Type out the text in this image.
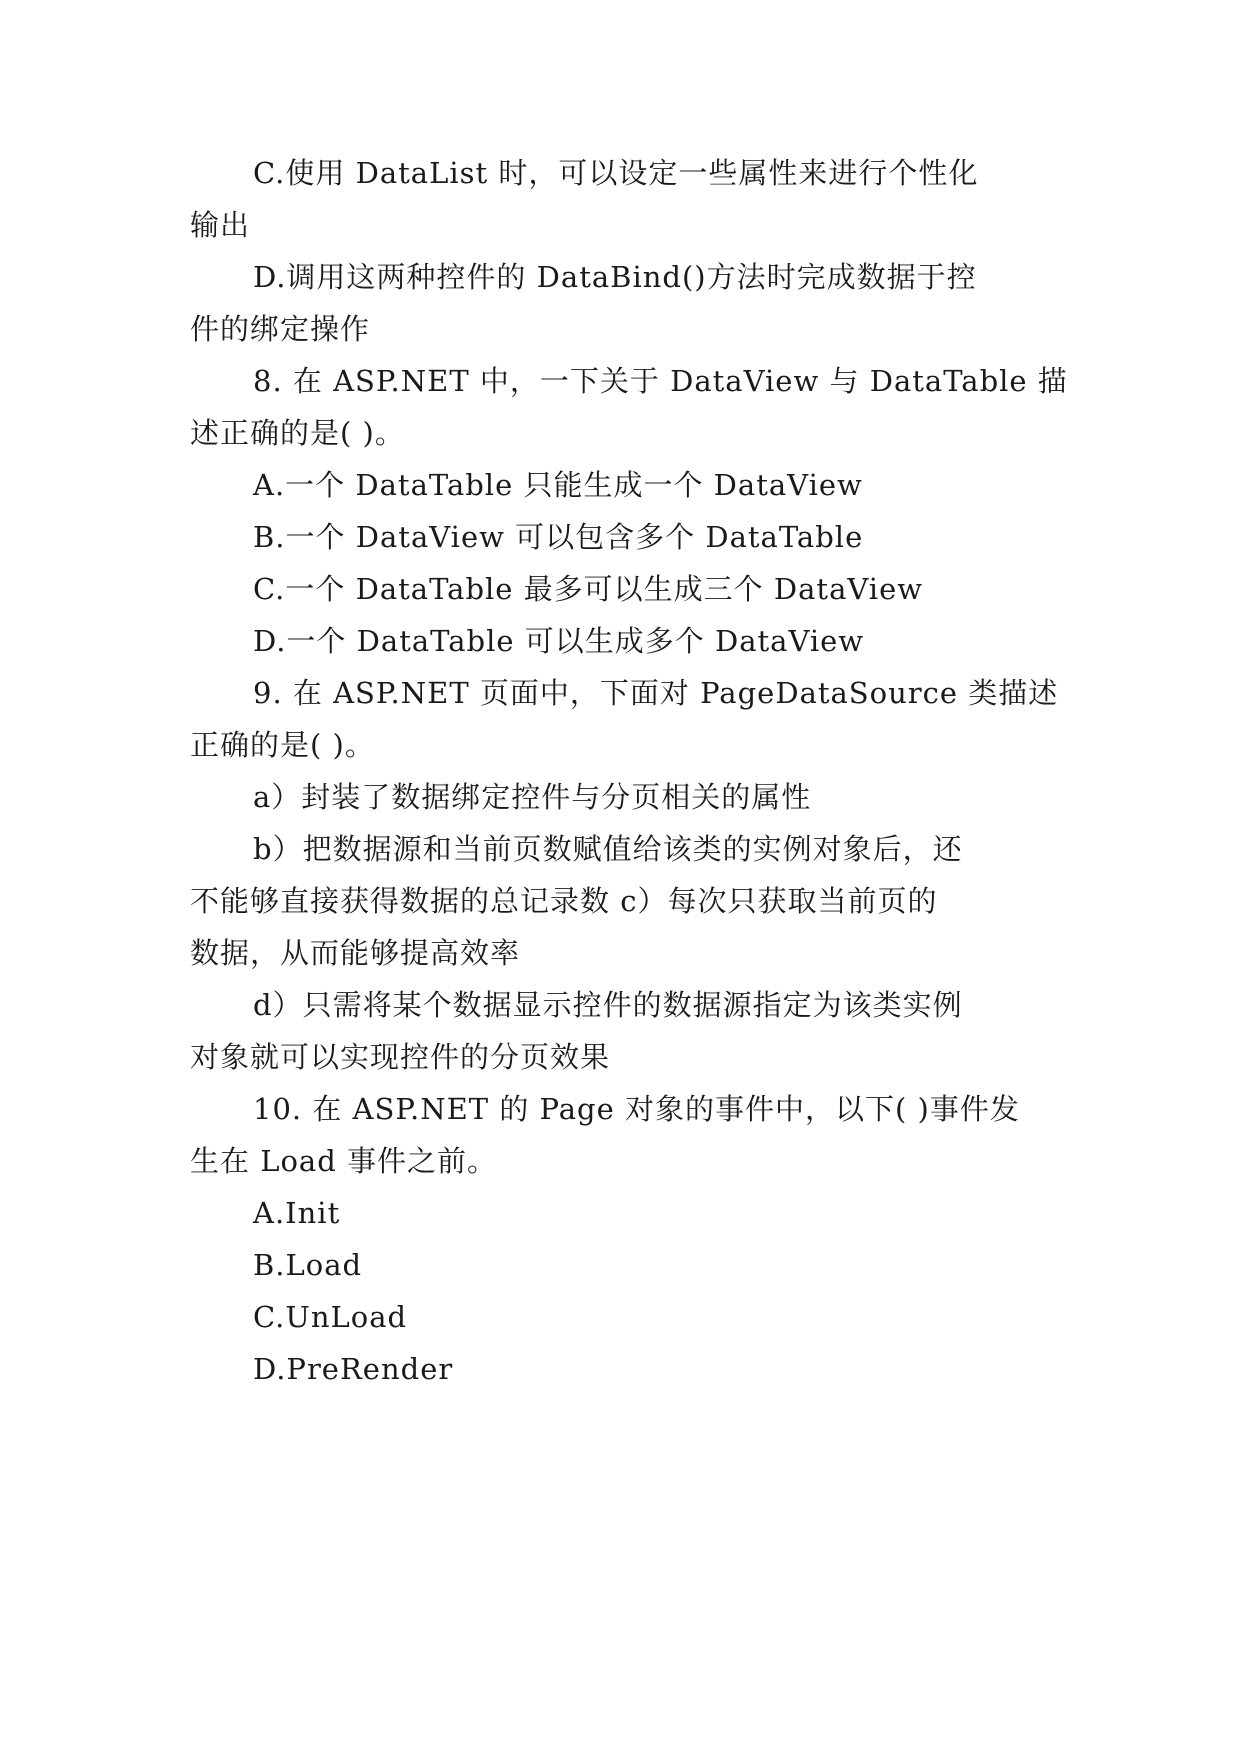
C.使用 DataList 时，可以设定一些属性来进行个性化
输出
D.调用这两种控件的 DataBind()方法时完成数据于控
件的绑定操作
8. 在 ASP.NET 中，一下关于 DataView 与 DataTable 描
述正确的是( )。
A.一个 DataTable 只能生成一个 DataView
B.一个 DataView 可以包含多个 DataTable
C.一个 DataTable 最多可以生成三个 DataView
D.一个 DataTable 可以生成多个 DataView
9. 在 ASP.NET 页面中，下面对 PageDataSource 类描述
正确的是( )。
a）封装了数据绑定控件与分页相关的属性
b）把数据源和当前页数赋值给该类的实例对象后，还
不能够直接获得数据的总记录数 c）每次只获取当前页的
数据，从而能够提高效率
d）只需将某个数据显示控件的数据源指定为该类实例
对象就可以实现控件的分页效果
10. 在 ASP.NET 的 Page 对象的事件中，以下( )事件发
生在 Load 事件之前。
A.Init
B.Load
C.UnLoad
D.PreRender
